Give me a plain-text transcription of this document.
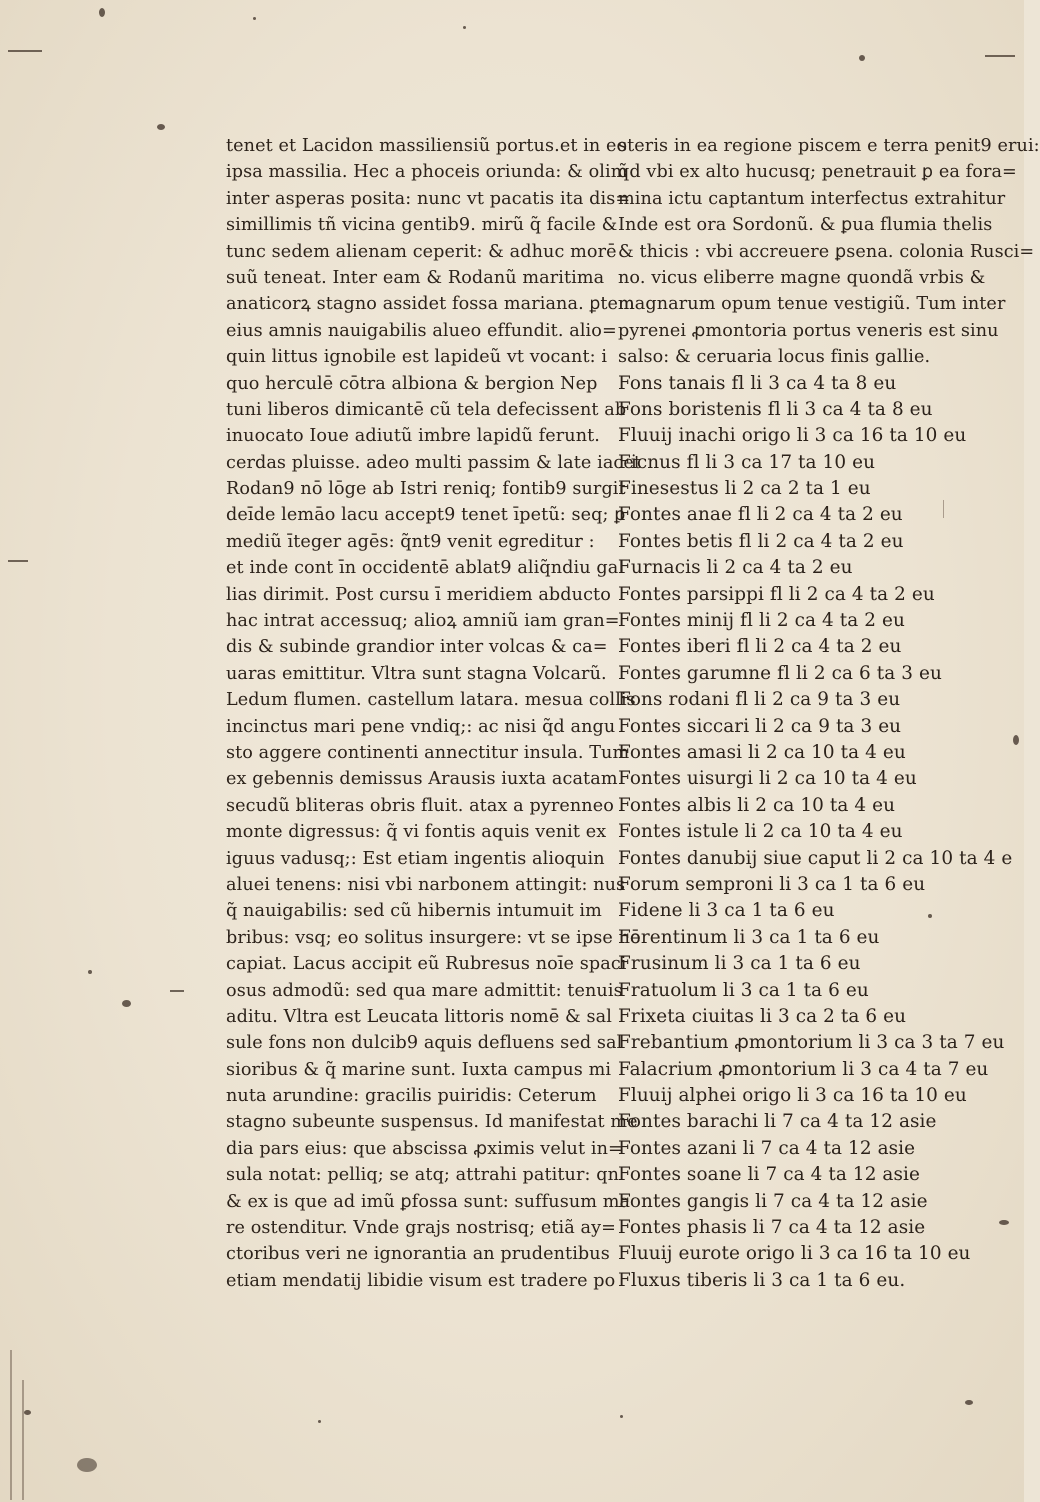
tenet et Lacidon massiliensiũ portus.et in eo
ipsa massilia. Hec a phoceis oriunda: & olim
inter asperas posita: nunc vt pacatis ita dis=
simillimis tñ vicina gentib9. mirũ q̃ facile &
tunc sedem alienam ceperit: & adhuc morē
suũ teneat. Inter eam & Rodanũ maritima
anaticorꝝ stagno assidet fossa mariana. ꝑtem
eius amnis nauigabilis alueo effundit. alio=
quin littus ignobile est lapideũ vt vocant: i
quo herculē cōtra albiona & bergion Nep
tuni liberos dimicantē cũ tela defecissent ab
inuocato Ioue adiutũ imbre lapidũ ferunt.
cerdas pluisse. adeo multi passim & late iacet
Rodan9 nō lōge ab Istri reniq; fontib9 surgit
deīde lemāo lacu accept9 tenet īpetũ: seq; ꝑ
mediũ īteger agēs: q̃nt9 venit egreditur :
et inde cont īn occidentē ablat9 aliq̃ndiu gal
lias dirimit. Post cursu ī meridiem abducto
hac intrat accessuq; alioꝝ amniũ iam gran=
dis & subinde grandior inter volcas & ca=
uaras emittitur. Vltra sunt stagna Volcarũ.
Ledum flumen. castellum latara. mesua collis
incinctus mari pene vndiq;: ac nisi q̃d angu
sto aggere continenti annectitur insula. Tum
ex gebennis demissus Arausis iuxta acatam
secudũ bliteras obris fluit. atax a pyrenneo
monte digressus: q̃ vi fontis aquis venit ex
iguus vadusq;: Est etiam ingentis alioquin
aluei tenens: nisi vbi narbonem attingit: nus
q̃ nauigabilis: sed cũ hibernis intumuit im
bribus: vsq; eo solitus insurgere: vt se ipse nō
capiat. Lacus accipit eũ Rubresus noīe spaci
osus admodũ: sed qua mare admittit: tenuis
aditu. Vltra est Leucata littoris nomē & sal
sule fons non dulcib9 aquis defluens sed sal
sioribus & q̃ marine sunt. Iuxta campus mi
nuta arundine: gracilis puiridis: Ceterum
stagno subeunte suspensus. Id manifestat me
dia pars eius: que abscissa ꝓximis velut in=
sula notat: pelliq; se atq; attrahi patitur: qn
& ex is que ad imũ ꝑfossa sunt: suffusum ma
re ostenditur. Vnde grajs nostrisq; etiã ay=
ctoribus veri ne ignorantia an prudentibus
etiam mendatij libidie visum est tradere po
steris in ea regione piscem e terra penit9 erui:
q̃d vbi ex alto hucusq; penetrauit ꝑ ea fora=
mina ictu captantum interfectus extrahitur
Inde est ora Sordonũ. & ꝑua flumia thelis
& thicis : vbi accreuere ꝑsena. colonia Rusci=
no. vicus eliberre magne quondã vrbis &
magnarum opum tenue vestigiũ. Tum inter
pyrenei ꝓmontoria portus veneris est sinu
salso: & ceruaria locus finis gallie.
Fons tanais fl li 3 ca 4 ta 8 eu
Fons boristenis fl li 3 ca 4 ta 8 eu
Fluuij inachi origo li 3 ca 16 ta 10 eu
Ficnus fl li 3 ca 17 ta 10 eu
Finesestus li 2 ca 2 ta 1 eu
Fontes anae fl li 2 ca 4 ta 2 eu
Fontes betis fl li 2 ca 4 ta 2 eu
Furnacis li 2 ca 4 ta 2 eu
Fontes parsippi fl li 2 ca 4 ta 2 eu
Fontes minij fl li 2 ca 4 ta 2 eu
Fontes iberi fl li 2 ca 4 ta 2 eu
Fontes garumne fl li 2 ca 6 ta 3 eu
Fons rodani fl li 2 ca 9 ta 3 eu
Fontes siccari li 2 ca 9 ta 3 eu
Fontes amasi li 2 ca 10 ta 4 eu
Fontes uisurgi li 2 ca 10 ta 4 eu
Fontes albis li 2 ca 10 ta 4 eu
Fontes istule li 2 ca 10 ta 4 eu
Fontes danubij siue caput li 2 ca 10 ta 4 e
Forum semproni li 3 ca 1 ta 6 eu
Fidene li 3 ca 1 ta 6 eu
Ferentinum li 3 ca 1 ta 6 eu
Frusinum li 3 ca 1 ta 6 eu
Fratuolum li 3 ca 1 ta 6 eu
Frixeta ciuitas li 3 ca 2 ta 6 eu
Frebantium ꝓmontorium li 3 ca 3 ta 7 eu
Falacrium ꝓmontorium li 3 ca 4 ta 7 eu
Fluuij alphei origo li 3 ca 16 ta 10 eu
Fontes barachi li 7 ca 4 ta 12 asie
Fontes azani li 7 ca 4 ta 12 asie
Fontes soane li 7 ca 4 ta 12 asie
Fontes gangis li 7 ca 4 ta 12 asie
Fontes phasis li 7 ca 4 ta 12 asie
Fluuij eurote origo li 3 ca 16 ta 10 eu
Fluxus tiberis li 3 ca 1 ta 6 eu.
